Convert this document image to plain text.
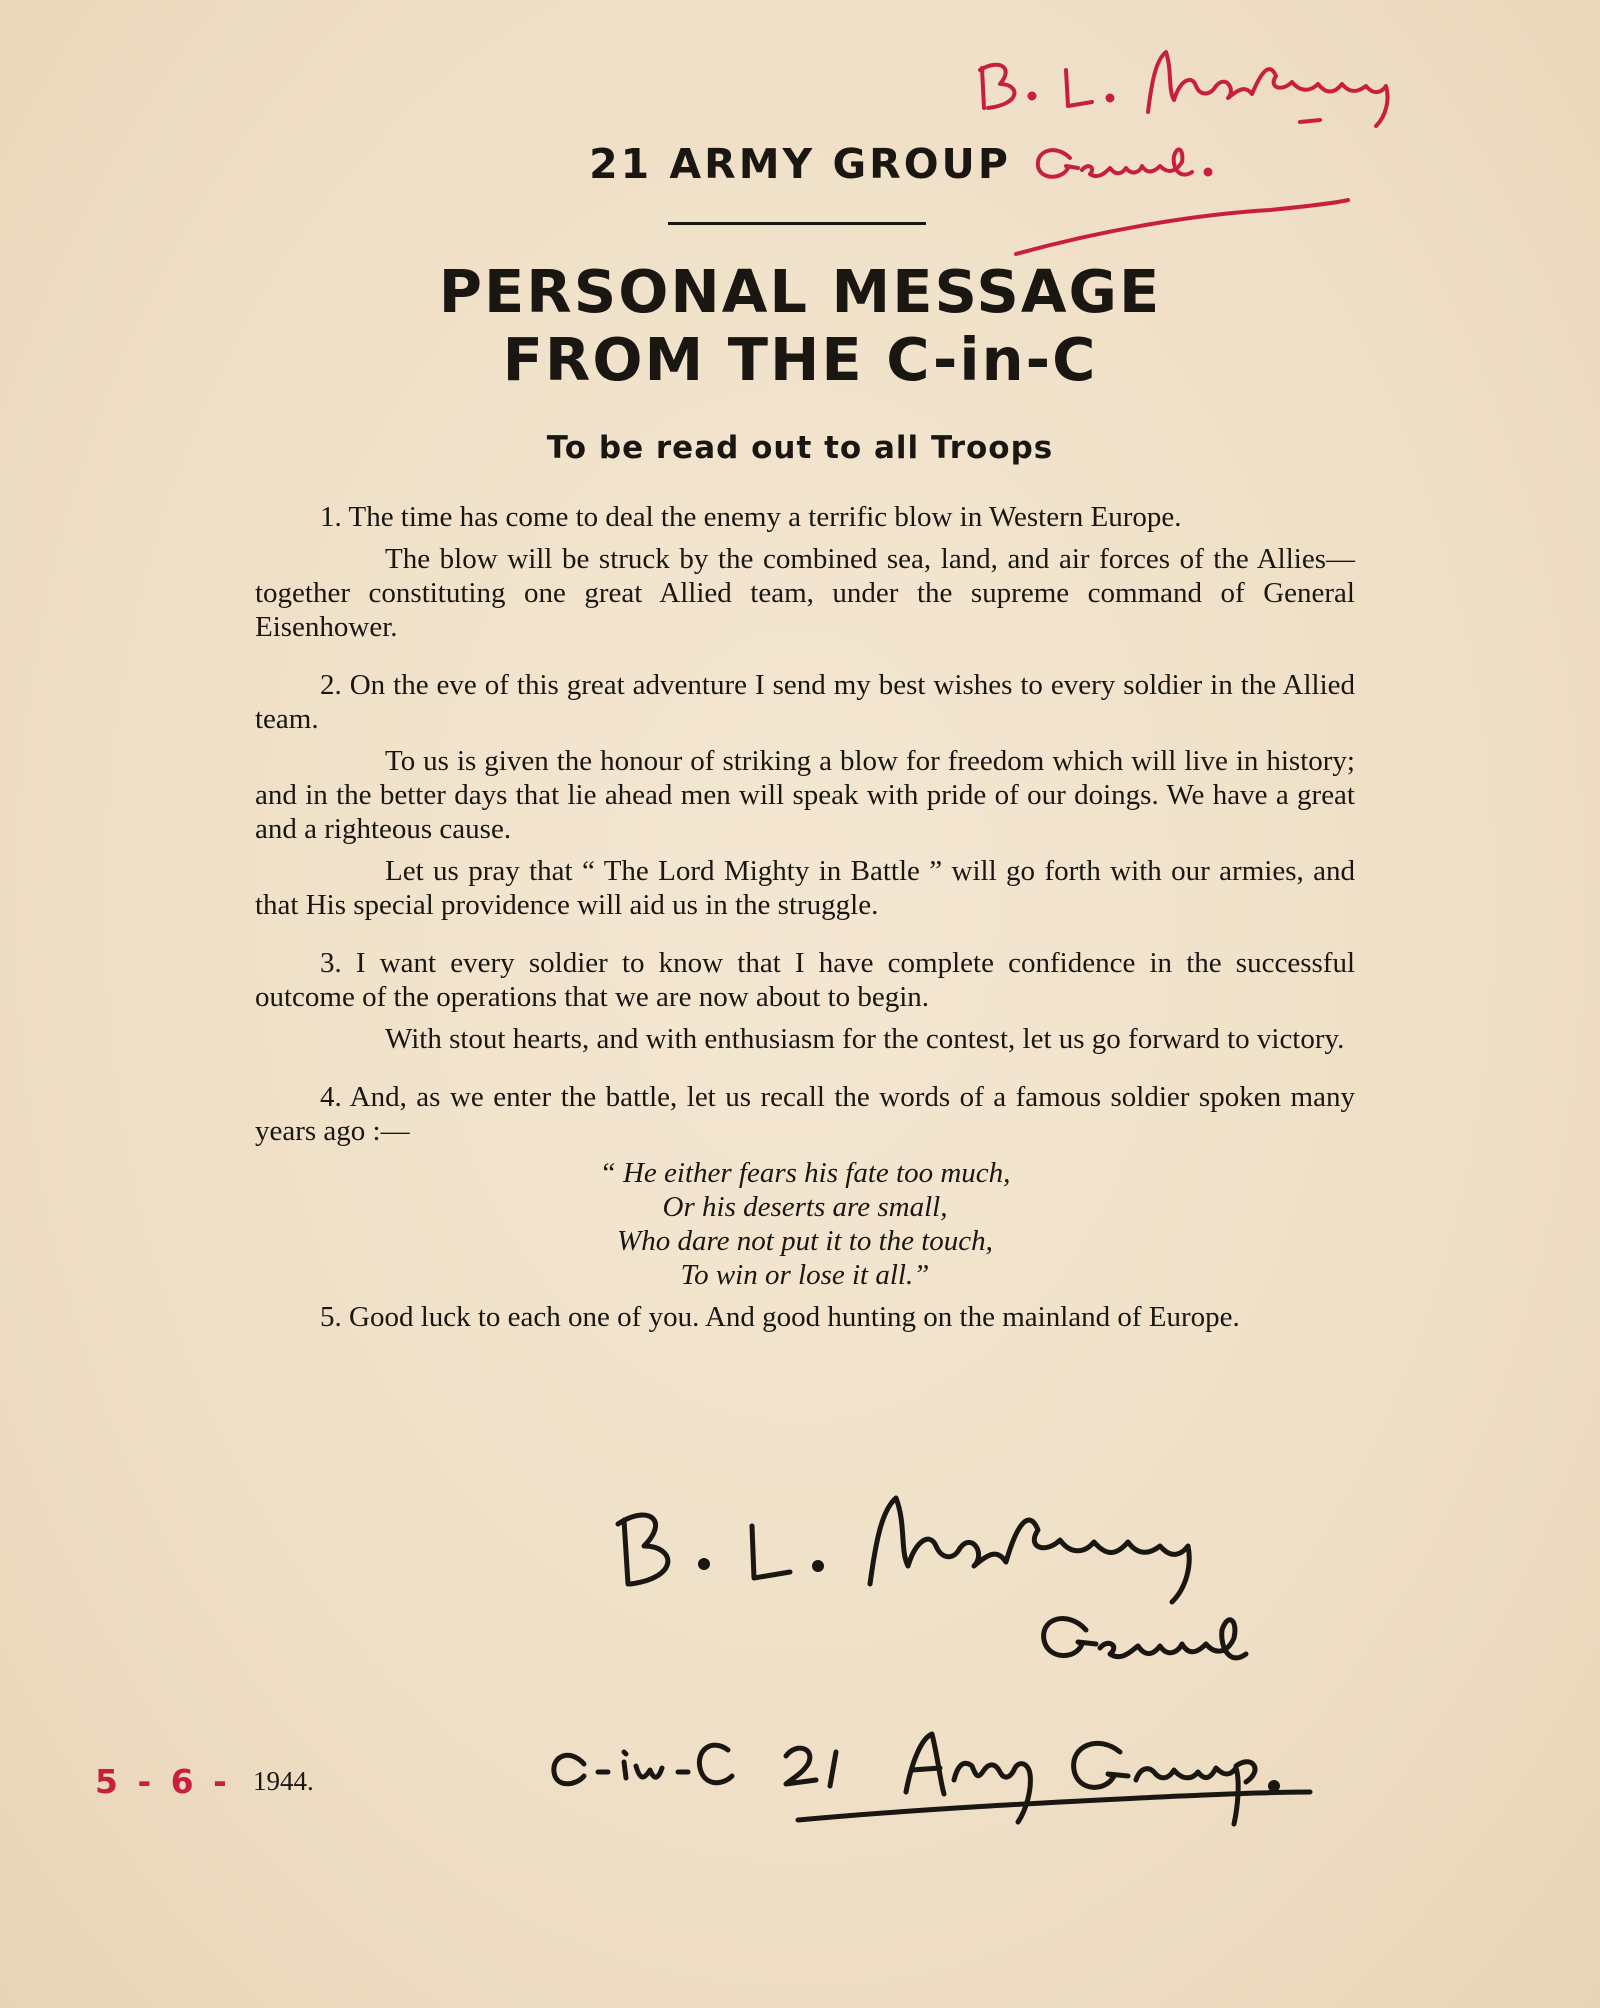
21 ARMY GROUP
PERSONAL MESSAGE
FROM THE C-in-C
To be read out to all Troops

1. The time has come to deal the enemy a terrific blow in Western Europe.

The blow will be struck by the combined sea, land, and air forces of the Allies—together constituting one great Allied team, under the supreme command of General Eisenhower.

2. On the eve of this great adventure I send my best wishes to every soldier in the Allied team.

To us is given the honour of striking a blow for freedom which will live in history; and in the better days that lie ahead men will speak with pride of our doings. We have a great and a righteous cause.

Let us pray that “ The Lord Mighty in Battle ” will go forth with our armies, and that His special providence will aid us in the struggle.

3. I want every soldier to know that I have complete confidence in the successful outcome of the operations that we are now about to begin.

With stout hearts, and with enthusiasm for the contest, let us go forward to victory.

4. And, as we enter the battle, let us recall the words of a famous soldier spoken many years ago :—

“ He either fears his fate too much,
Or his deserts are small,
Who dare not put it to the touch,
To win or lose it all.”

5. Good luck to each one of you. And good hunting on the mainland of Europe.

5 - 6 - 1944.
